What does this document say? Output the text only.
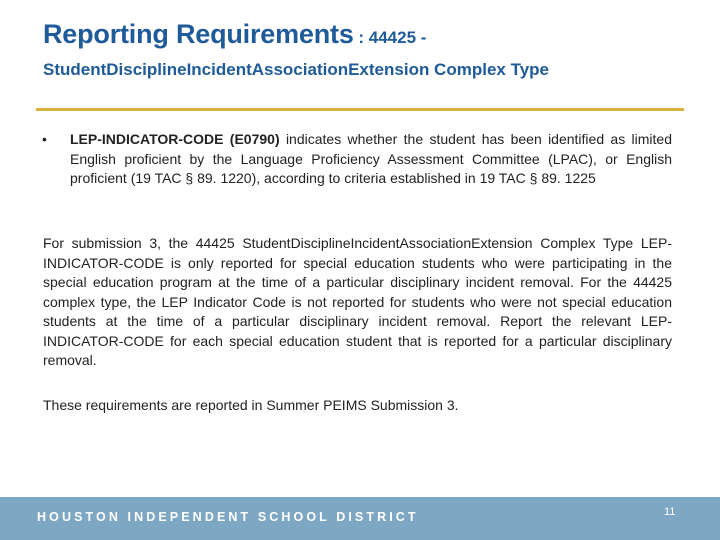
Reporting Requirements : 44425 -
StudentDisciplineIncidentAssociationExtension Complex Type
• LEP-INDICATOR-CODE (E0790) indicates whether the student has been identified as limited English proficient by the Language Proficiency Assessment Committee (LPAC), or English proficient (19 TAC § 89. 1220), according to criteria established in 19 TAC § 89. 1225

For submission 3, the 44425 StudentDisciplineIncidentAssociationExtension Complex Type LEP-INDICATOR-CODE is only reported for special education students who were participating in the special education program at the time of a particular disciplinary incident removal. For the 44425 complex type, the LEP Indicator Code is not reported for students who were not special education students at the time of a particular disciplinary incident removal. Report the relevant LEP-INDICATOR-CODE for each special education student that is reported for a particular disciplinary removal.

These requirements are reported in Summer PEIMS Submission 3.

HOUSTON INDEPENDENT SCHOOL DISTRICT	11
